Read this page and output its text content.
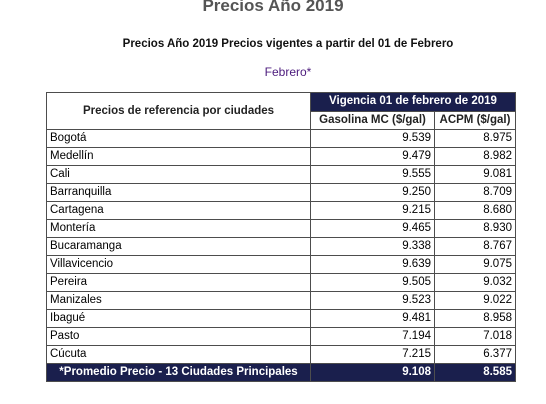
Precios Año 2019
Precios Año 2019 Precios vigentes a partir del 01 de Febrero
Febrero*
Precios de referencia por ciudades	Vigencia 01 de febrero de 2019	
	Gasolina MC ($/gal)	ACPM ($/gal)
Bogotá	9.539	8.975
Medellín	9.479	8.982
Cali	9.555	9.081
Barranquilla	9.250	8.709
Cartagena	9.215	8.680
Montería	9.465	8.930
Bucaramanga	9.338	8.767
Villavicencio	9.639	9.075
Pereira	9.505	9.032
Manizales	9.523	9.022
Ibagué	9.481	8.958
Pasto	7.194	7.018
Cúcuta	7.215	6.377
*Promedio Precio - 13 Ciudades Principales	9.108	8.585
